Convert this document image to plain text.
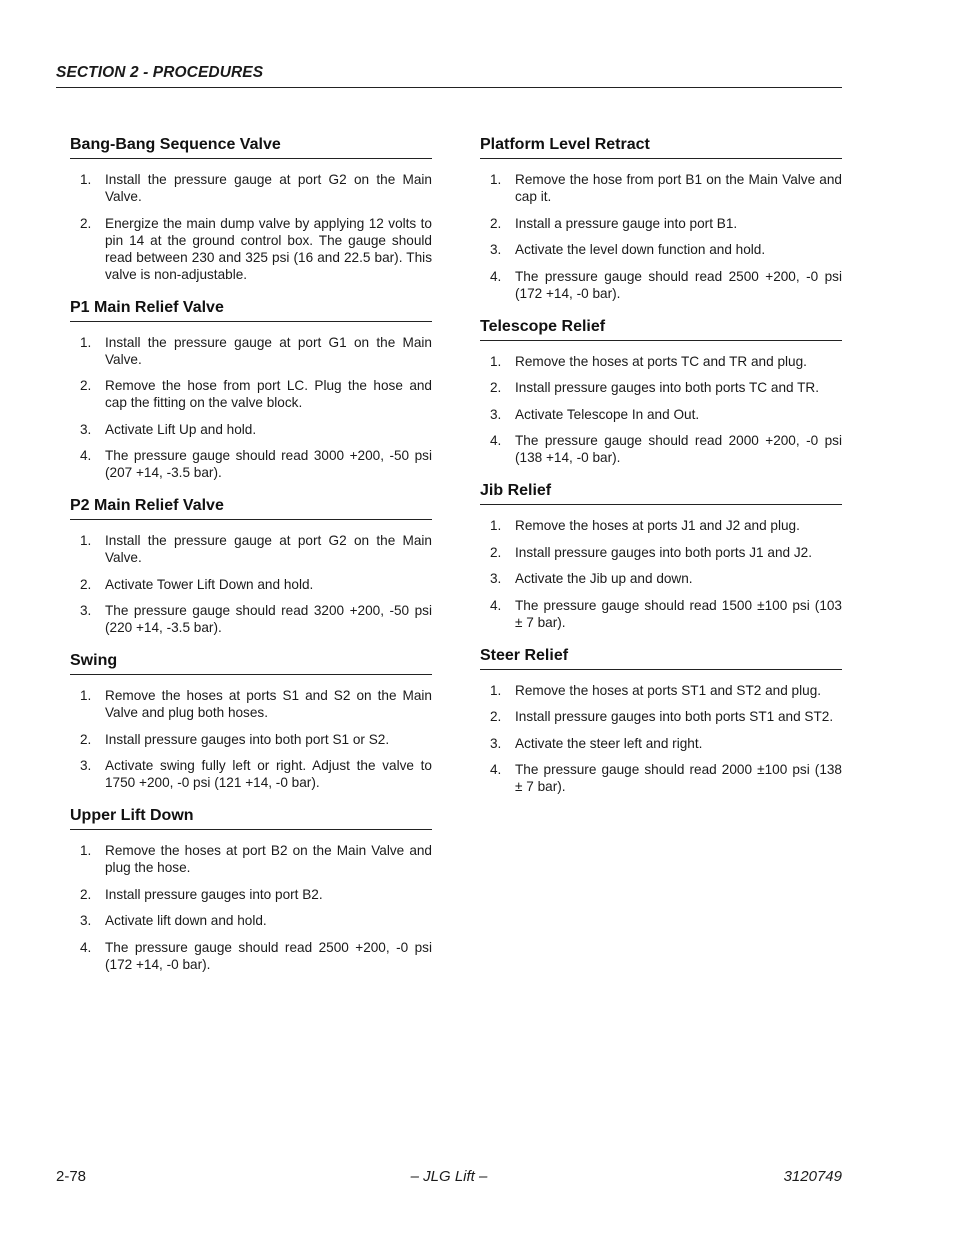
SECTION 2 - PROCEDURES
Bang-Bang Sequence Valve
1.	Install the pressure gauge at port G2 on the Main Valve.
2.	Energize the main dump valve by applying 12 volts to pin 14 at the ground control box. The gauge should read between 230 and 325 psi (16 and 22.5 bar). This valve is non-adjustable.
P1 Main Relief Valve
1.	Install the pressure gauge at port G1 on the Main Valve.
2.	Remove the hose from port LC. Plug the hose and cap the fitting on the valve block.
3.	Activate Lift Up and hold.
4.	The pressure gauge should read 3000 +200, -50 psi (207 +14, -3.5 bar).
P2 Main Relief Valve
1.	Install the pressure gauge at port G2 on the Main Valve.
2.	Activate Tower Lift Down and hold.
3.	The pressure gauge should read 3200 +200, -50 psi (220 +14, -3.5 bar).
Swing
1.	Remove the hoses at ports S1 and S2 on the Main Valve and plug both hoses.
2.	Install pressure gauges into both port S1 or S2.
3.	Activate swing fully left or right. Adjust the valve to 1750 +200, -0 psi (121 +14, -0 bar).
Upper Lift Down
1.	Remove the hoses at port B2 on the Main Valve and plug the hose.
2.	Install pressure gauges into port B2.
3.	Activate lift down and hold.
4.	The pressure gauge should read 2500 +200, -0 psi (172 +14, -0 bar).
Platform Level Retract
1.	Remove the hose from port B1 on the Main Valve and cap it.
2.	Install a pressure gauge into port B1.
3.	Activate the level down function and hold.
4.	The pressure gauge should read 2500 +200, -0 psi (172 +14, -0 bar).
Telescope Relief
1.	Remove the hoses at ports TC and TR and plug.
2.	Install pressure gauges into both ports TC and TR.
3.	Activate Telescope In and Out.
4.	The pressure gauge should read 2000 +200, -0 psi (138 +14, -0 bar).
Jib Relief
1.	Remove the hoses at ports J1 and J2 and plug.
2.	Install pressure gauges into both ports J1 and J2.
3.	Activate the Jib up and down.
4.	The pressure gauge should read 1500 ±100 psi (103 ± 7 bar).
Steer Relief
1.	Remove the hoses at ports ST1 and ST2 and plug.
2.	Install pressure gauges into both ports ST1 and ST2.
3.	Activate the steer left and right.
4.	The pressure gauge should read 2000 ±100 psi (138 ± 7 bar).
2-78	– JLG Lift –	3120749
